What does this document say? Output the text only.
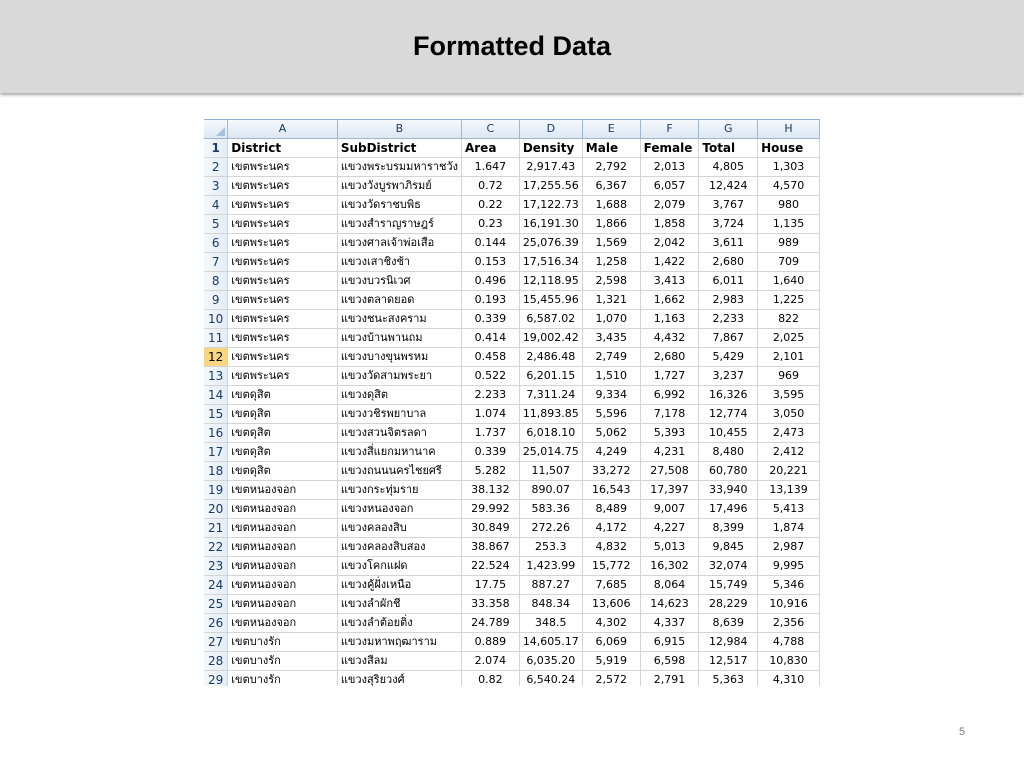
Formatted Data
	A	B	C	D	E	F	G	H
1	District	SubDistrict	Area	Density	Male	Female	Total	House
2	เขตพระนคร	แขวงพระบรมมหาราชวัง	1.647	2,917.43	2,792	2,013	4,805	1,303
3	เขตพระนคร	แขวงวังบูรพาภิรมย์	0.72	17,255.56	6,367	6,057	12,424	4,570
4	เขตพระนคร	แขวงวัดราชบพิธ	0.22	17,122.73	1,688	2,079	3,767	980
5	เขตพระนคร	แขวงสำราญราษฎร์	0.23	16,191.30	1,866	1,858	3,724	1,135
6	เขตพระนคร	แขวงศาลเจ้าพ่อเสือ	0.144	25,076.39	1,569	2,042	3,611	989
7	เขตพระนคร	แขวงเสาชิงช้า	0.153	17,516.34	1,258	1,422	2,680	709
8	เขตพระนคร	แขวงบวรนิเวศ	0.496	12,118.95	2,598	3,413	6,011	1,640
9	เขตพระนคร	แขวงตลาดยอด	0.193	15,455.96	1,321	1,662	2,983	1,225
10	เขตพระนคร	แขวงชนะสงคราม	0.339	6,587.02	1,070	1,163	2,233	822
11	เขตพระนคร	แขวงบ้านพานถม	0.414	19,002.42	3,435	4,432	7,867	2,025
12	เขตพระนคร	แขวงบางขุนพรหม	0.458	2,486.48	2,749	2,680	5,429	2,101
13	เขตพระนคร	แขวงวัดสามพระยา	0.522	6,201.15	1,510	1,727	3,237	969
14	เขตดุสิต	แขวงดุสิต	2.233	7,311.24	9,334	6,992	16,326	3,595
15	เขตดุสิต	แขวงวชิรพยาบาล	1.074	11,893.85	5,596	7,178	12,774	3,050
16	เขตดุสิต	แขวงสวนจิตรลดา	1.737	6,018.10	5,062	5,393	10,455	2,473
17	เขตดุสิต	แขวงสี่แยกมหานาค	0.339	25,014.75	4,249	4,231	8,480	2,412
18	เขตดุสิต	แขวงถนนนครไชยศรี	5.282	11,507	33,272	27,508	60,780	20,221
19	เขตหนองจอก	แขวงกระทุ่มราย	38.132	890.07	16,543	17,397	33,940	13,139
20	เขตหนองจอก	แขวงหนองจอก	29.992	583.36	8,489	9,007	17,496	5,413
21	เขตหนองจอก	แขวงคลองสิบ	30.849	272.26	4,172	4,227	8,399	1,874
22	เขตหนองจอก	แขวงคลองสิบสอง	38.867	253.3	4,832	5,013	9,845	2,987
23	เขตหนองจอก	แขวงโคกแฝด	22.524	1,423.99	15,772	16,302	32,074	9,995
24	เขตหนองจอก	แขวงคู้ฝั่งเหนือ	17.75	887.27	7,685	8,064	15,749	5,346
25	เขตหนองจอก	แขวงลำผักชี	33.358	848.34	13,606	14,623	28,229	10,916
26	เขตหนองจอก	แขวงลำต้อยติ่ง	24.789	348.5	4,302	4,337	8,639	2,356
27	เขตบางรัก	แขวงมหาพฤฒาราม	0.889	14,605.17	6,069	6,915	12,984	4,788
28	เขตบางรัก	แขวงสีลม	2.074	6,035.20	5,919	6,598	12,517	10,830
29	เขตบางรัก	แขวงสุริยวงศ์	0.82	6,540.24	2,572	2,791	5,363	4,310
5
